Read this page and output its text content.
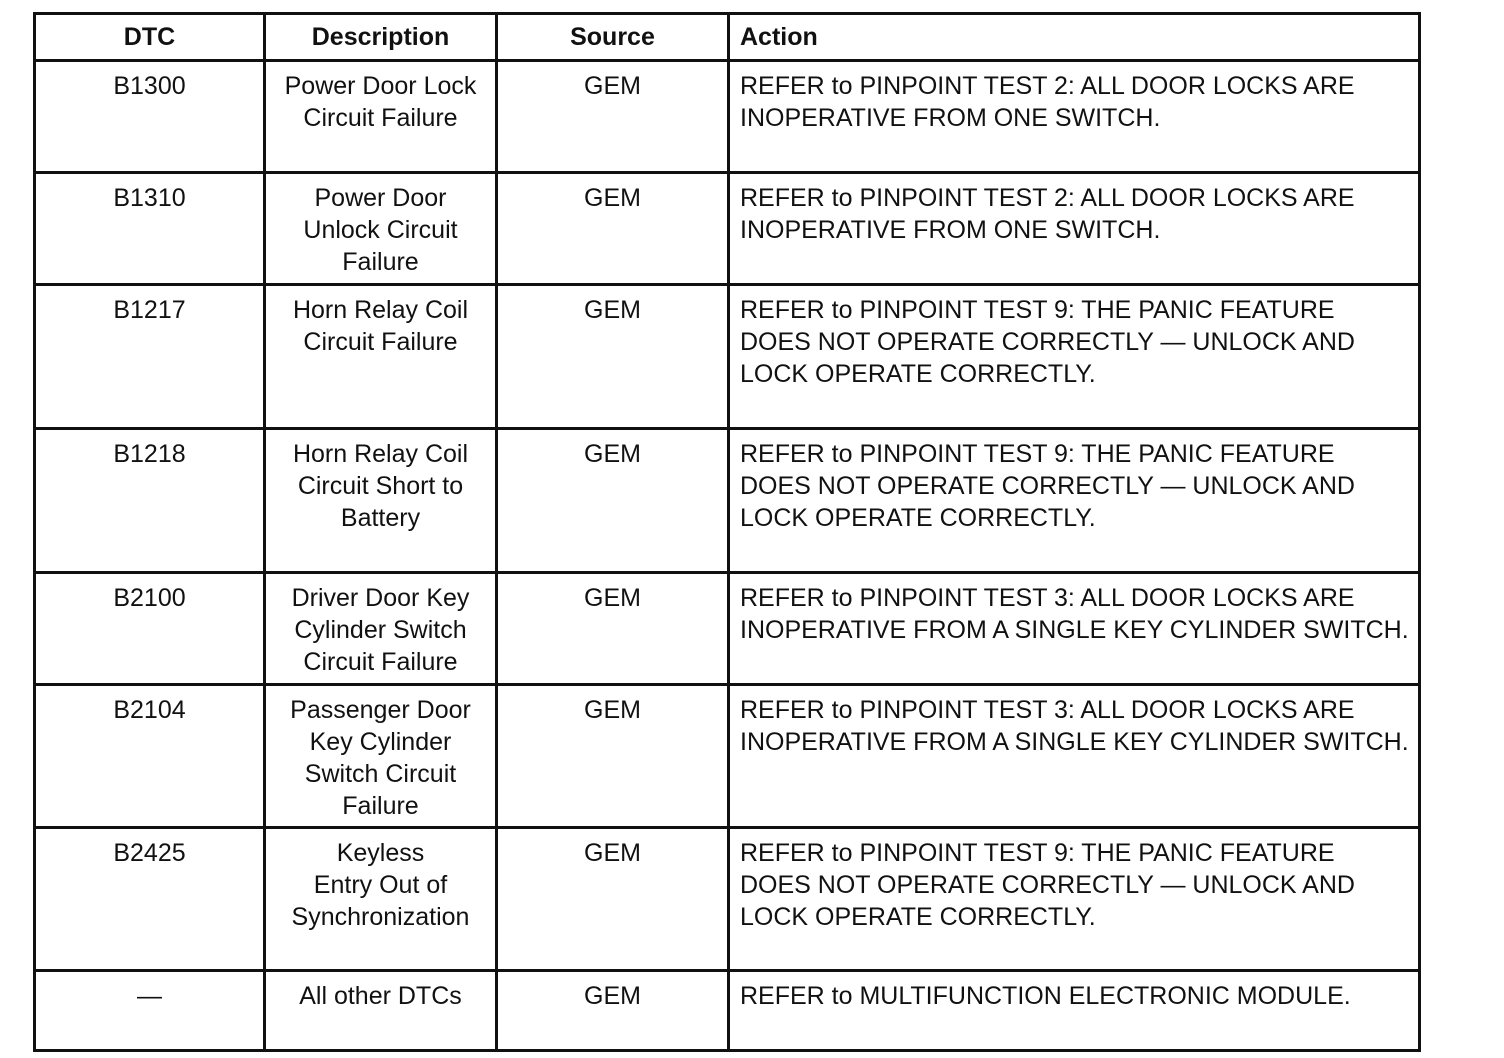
DTC	Description	Source	Action
B1300	Power Door Lock
Circuit Failure	GEM	REFER to PINPOINT TEST 2: ALL DOOR LOCKS ARE INOPERATIVE FROM ONE SWITCH.
B1310	Power Door
Unlock Circuit
Failure	GEM	REFER to PINPOINT TEST 2: ALL DOOR LOCKS ARE INOPERATIVE FROM ONE SWITCH.
B1217	Horn Relay Coil
Circuit Failure	GEM	REFER to PINPOINT TEST 9: THE PANIC FEATURE DOES NOT OPERATE CORRECTLY — UNLOCK AND LOCK OPERATE CORRECTLY.
B1218	Horn Relay Coil
Circuit Short to
Battery	GEM	REFER to PINPOINT TEST 9: THE PANIC FEATURE DOES NOT OPERATE CORRECTLY — UNLOCK AND LOCK OPERATE CORRECTLY.
B2100	Driver Door Key
Cylinder Switch
Circuit Failure	GEM	REFER to PINPOINT TEST 3: ALL DOOR LOCKS ARE INOPERATIVE FROM A SINGLE KEY CYLINDER SWITCH.
B2104	Passenger Door
Key Cylinder
Switch Circuit
Failure	GEM	REFER to PINPOINT TEST 3: ALL DOOR LOCKS ARE INOPERATIVE FROM A SINGLE KEY CYLINDER SWITCH.
B2425	Keyless
Entry Out of
Synchronization	GEM	REFER to PINPOINT TEST 9: THE PANIC FEATURE DOES NOT OPERATE CORRECTLY — UNLOCK AND LOCK OPERATE CORRECTLY.
—	All other DTCs	GEM	REFER to MULTIFUNCTION ELECTRONIC MODULE.
